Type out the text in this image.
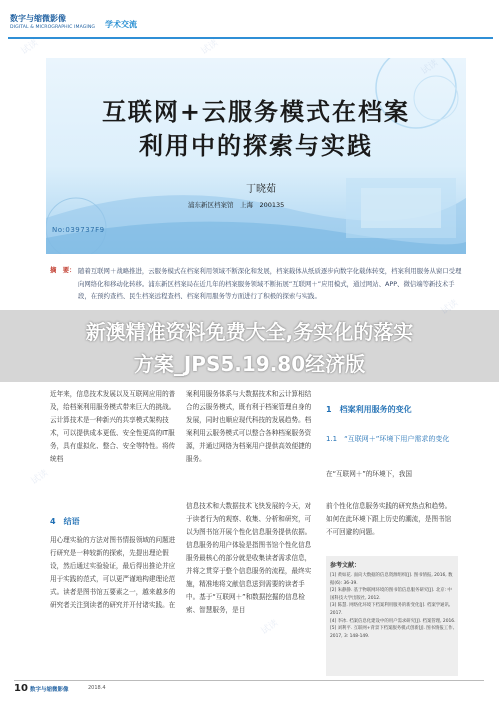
数字与缩微影像
DIGITAL & MICROGRAPHIC IMAGING 学术交流
互联网+云服务模式在档案
利用中的探索与实践
丁晓茹
浦东新区档案馆　上海　200135
No:039737F9
摘　要： 随着互联网＋战略推进，云服务模式在档案利用领域不断深化和发展，档案载体从纸质逐步向数字化载体转变，档案利用服务从窗口受理向网络化和移动化转移。浦东新区档案局在近几年的档案服务领域不断拓展“互联网＋”应用模式，通过网站、APP、微信端等新技术手段，在预约查档、民生档案远程查档、档案利用服务等方面进行了积极的探索与实践。
近年来，信息技术发展以及互联网应用的普及，给档案利用服务模式带来巨大的挑战。云计算技术是一种新兴的共享模式架构技术，可以提供成本更低、安全性更高的IT服务，具有虚拟化、整合、安全等特性。将传统档
4　结语
用心理实验的方法对图书情报领域的问题进行研究是一种较新的探索，先提出理论假设，然后通过实验验证，最后得出推论并应用于实践的范式，可以更严谨地构建理论范式。读者是图书馆五要素之一，越来越多的研究者关注到读者的研究并开付诸实践。在
案利用服务体系与大数据技术和云计算相结合的云服务模式，既有利于档案管理自身的发展，同时也顺应现代科技的发展趋势。档案利用云服务模式可以整合各种档案服务资源，并通过网络为档案用户提供高效便捷的服务。
信息技术和大数据技术飞快发展的今天，对于读者行为的观察、收集、分析和研究，可以为图书馆开展个性化信息服务提供依据。信息服务的用户体验是指图书馆个性化信息服务最核心的部分就是收集读者需求信息，并将之贯穿于整个信息服务的流程，最终实施，精准地将文献信息送到需要的读者手中。基于“互联网＋”和数据挖掘的信息检索、智慧服务，是目
1　档案利用服务的变化
1.1　“互联网＋”环境下用户需求的变化
在“互联网＋”的环境下，我国
前个性化信息服务实践的研究热点和趋势。如何在此环境下跟上历史的潮流，是图书馆不可回避的问题。
参考文献：
[1] 黄如花. 面向大数据的信息资源组织[J]. 图书情报, 2016, 数据(6): 36-39.
[2] 朱静静. 基于物联网环境的图书馆信息服务研究[J]. 北京: 中国科技大学出版社, 2012.
[3] 陈慧. 网络化环境下档案利用服务的新变化[J]. 档案学通讯, 2017.
[4] 李冰. 档案信息化建设中的用户需求研究[J]. 档案管理, 2016.
[5] 刘利平. 互联网+背景下档案服务模式创新[J]. 图书情报工作, 2017, 3: 148-149.
新澳精准资料免费大全,务实化的落实
方案_JPS5.19.80经济版
试读	试读
试读
试读
试读
试读
10 数字与缩微影像	2018.4
